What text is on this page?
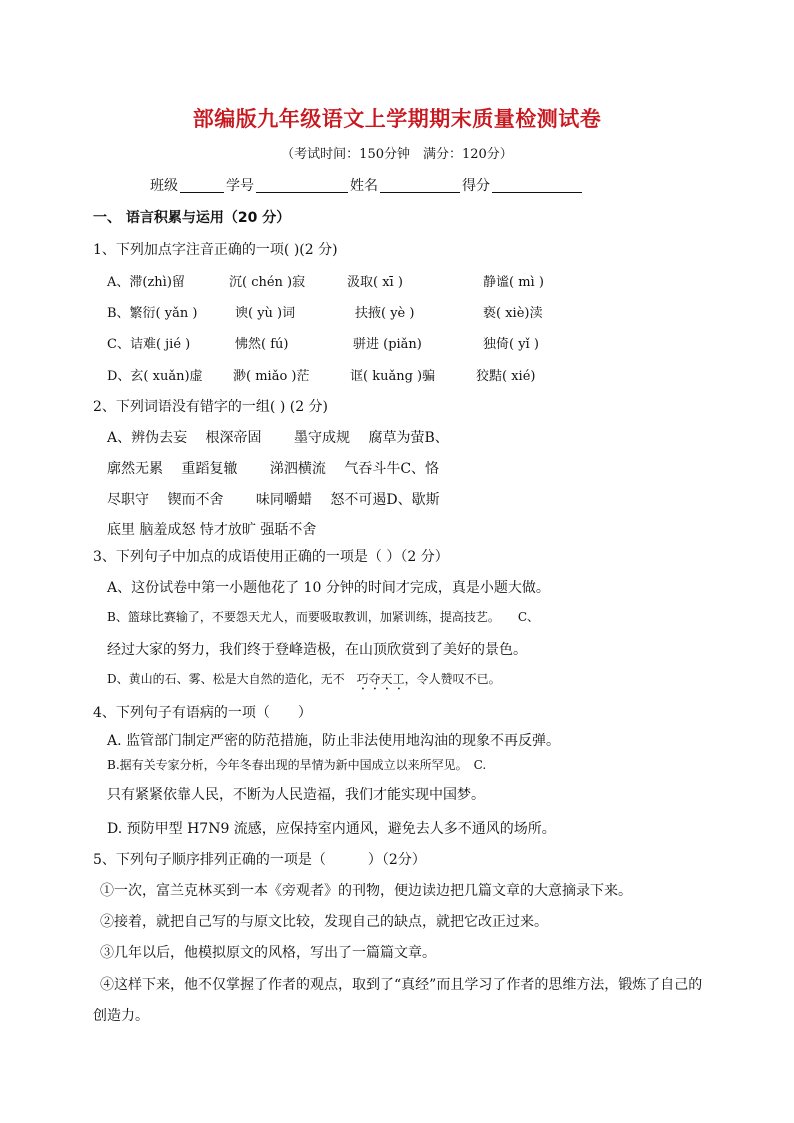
部编版九年级语文上学期期末质量检测试卷
（考试时间：150分钟　满分：120分）
班级	学号	姓名	得分
一、 语言积累与运用（20 分）
1、下列加点字注音正确的一项( )(2 分)
A、滞(zhì)留	沉( chén )寂	汲取( xī )	静谧( mì )
B、繁衍( yǎn )	谀( yù )词	扶掖( yè )	亵( xiè)渎
C、诘难( jié )	怫然( fú)	骈进 (piǎn)	独倚( yǐ )
D、玄( xuǎn)虚 渺( miǎo )茫	诓( kuǎng )骗	狡黠( xié)
2、下列词语没有错字的一组( ) (2 分)
A、辨伪去妄　 根深帝固　 　墨守成规　 腐草为萤B、
廓然无累　 重蹈复辙　 　涕泗横流　 气吞斗牛C、恪
尽职守　 锲而不舍　 　味同嚼蜡　 怒不可遏D、歇斯
底里 脑羞成怒 恃才放旷 强聒不舍
3、下列句子中加点的成语使用正确的一项是（ ）（2 分）
A、这份试卷中第一小题他花了 10 分钟的时间才完成，真是小题大做。
B、篮球比赛输了，不要怨天尤人，而要吸取教训，加紧训练，提高技艺。　　C、
经过大家的努力，我们终于登峰造极，在山顶欣赏到了美好的景色。
D、黄山的石、雾、松是大自然的造化，无不　巧夺天工，令人赞叹不已。
4、下列句子有语病的一项（　　）
A. 监管部门制定严密的防范措施，防止非法使用地沟油的现象不再反弹。
B.据有关专家分析，今年冬春出现的旱情为新中国成立以来所罕见。　C.
只有紧紧依靠人民，不断为人民造福，我们才能实现中国梦。
D. 预防甲型 H7N9 流感，应保持室内通风，避免去人多不通风的场所。
5、下列句子顺序排列正确的一项是（　　　）（2分）
①一次，富兰克林买到一本《旁观者》的刊物，便边读边把几篇文章的大意摘录下来。
②接着，就把自己写的与原文比较，发现自己的缺点，就把它改正过来。
③几年以后，他模拟原文的风格，写出了一篇篇文章。
④这样下来，他不仅掌握了作者的观点，取到了“真经”而且学习了作者的思维方法，锻炼了自己的
创造力。
